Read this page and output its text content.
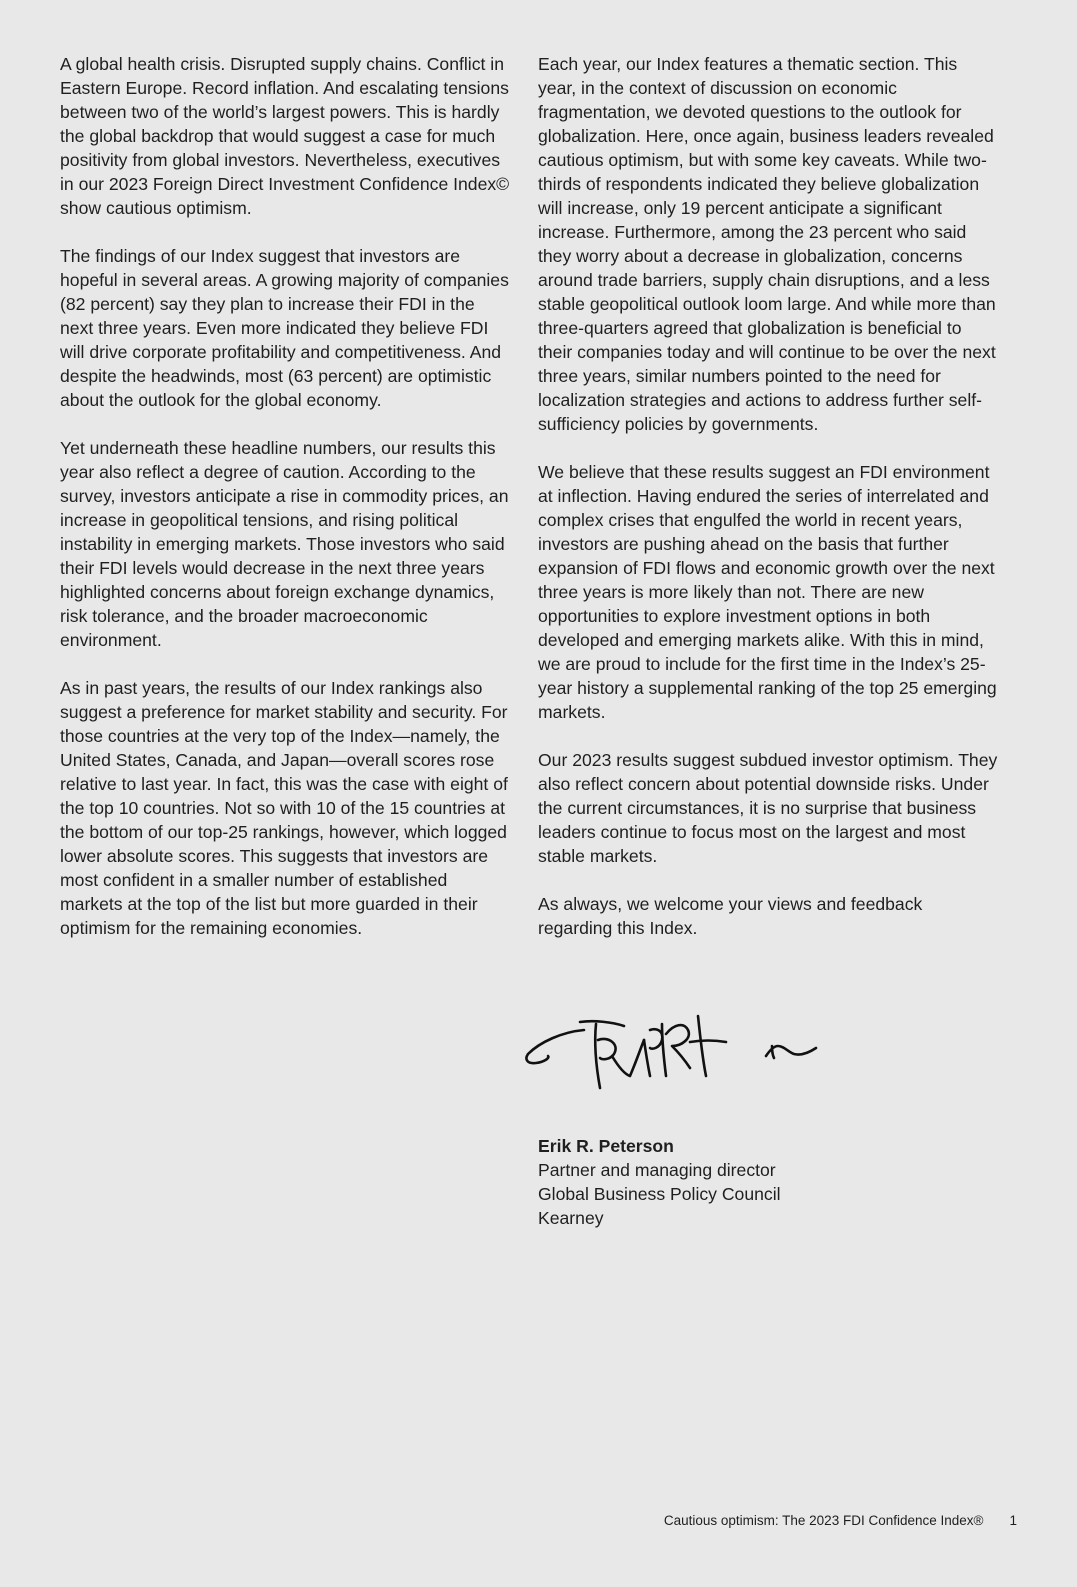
A global health crisis. Disrupted supply chains. Conflict in Eastern Europe. Record inflation. And escalating tensions between two of the world’s largest powers. This is hardly the global backdrop that would suggest a case for much positivity from global investors. Nevertheless, executives in our 2023 Foreign Direct Investment Confidence Index© show cautious optimism.

The findings of our Index suggest that investors are hopeful in several areas. A growing majority of companies (82 percent) say they plan to increase their FDI in the next three years. Even more indicated they believe FDI will drive corporate profitability and competitiveness. And despite the headwinds, most (63 percent) are optimistic about the outlook for the global economy.

Yet underneath these headline numbers, our results this year also reflect a degree of caution. According to the survey, investors anticipate a rise in commodity prices, an increase in geopolitical tensions, and rising political instability in emerging markets. Those investors who said their FDI levels would decrease in the next three years highlighted concerns about foreign exchange dynamics, risk tolerance, and the broader macroeconomic environment.

As in past years, the results of our Index rankings also suggest a preference for market stability and security. For those countries at the very top of the Index—namely, the United States, Canada, and Japan—overall scores rose relative to last year. In fact, this was the case with eight of the top 10 countries. Not so with 10 of the 15 countries at the bottom of our top-25 rankings, however, which logged lower absolute scores. This suggests that investors are most confident in a smaller number of established markets at the top of the list but more guarded in their optimism for the remaining economies.

Each year, our Index features a thematic section. This year, in the context of discussion on economic fragmentation, we devoted questions to the outlook for globalization. Here, once again, business leaders revealed cautious optimism, but with some key caveats. While two-thirds of respondents indicated they believe globalization will increase, only 19 percent anticipate a significant increase. Furthermore, among the 23 percent who said they worry about a decrease in globalization, concerns around trade barriers, supply chain disruptions, and a less stable geopolitical outlook loom large. And while more than three-quarters agreed that globalization is beneficial to their companies today and will continue to be over the next three years, similar numbers pointed to the need for localization strategies and actions to address further self-sufficiency policies by governments.

We believe that these results suggest an FDI environment at inflection. Having endured the series of interrelated and complex crises that engulfed the world in recent years, investors are pushing ahead on the basis that further expansion of FDI flows and economic growth over the next three years is more likely than not. There are new opportunities to explore investment options in both developed and emerging markets alike. With this in mind, we are proud to include for the first time in the Index’s 25-year history a supplemental ranking of the top 25 emerging markets.

Our 2023 results suggest subdued investor optimism. They also reflect concern about potential downside risks. Under the current circumstances, it is no surprise that business leaders continue to focus most on the largest and most stable markets.

As always, we welcome your views and feedback regarding this Index.

Erik R. Peterson
Partner and managing director
Global Business Policy Council
Kearney
Cautious optimism: The 2023 FDI Confidence Index® 1
